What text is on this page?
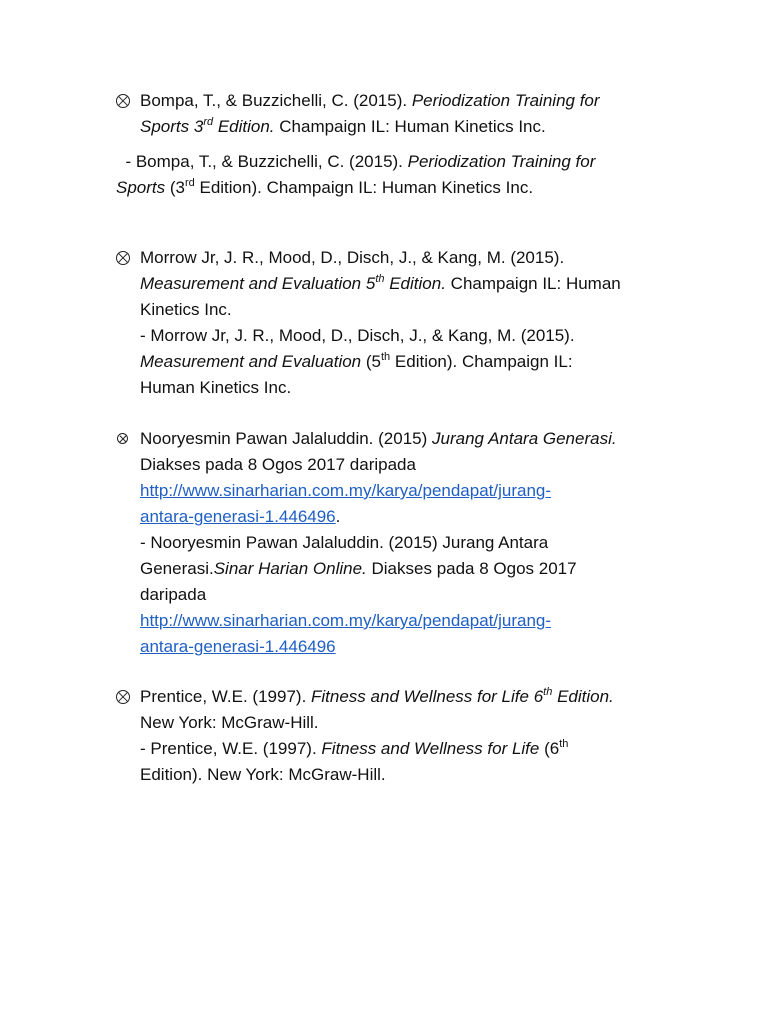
Bompa, T., & Buzzichelli, C. (2015). Periodization Training for
Sports 3rd Edition. Champaign IL: Human Kinetics Inc.
- Bompa, T., & Buzzichelli, C. (2015). Periodization Training for
Sports (3rd Edition). Champaign IL: Human Kinetics Inc.
Morrow Jr, J. R., Mood, D., Disch, J., & Kang, M. (2015).
Measurement and Evaluation 5th Edition. Champaign IL: Human
Kinetics Inc.
- Morrow Jr, J. R., Mood, D., Disch, J., & Kang, M. (2015).
Measurement and Evaluation (5th Edition). Champaign IL:
Human Kinetics Inc.
Nooryesmin Pawan Jalaluddin. (2015) Jurang Antara Generasi.
Diakses pada 8 Ogos 2017 daripada
http://www.sinarharian.com.my/karya/pendapat/jurang-
antara-generasi-1.446496.
- Nooryesmin Pawan Jalaluddin. (2015) Jurang Antara
Generasi.Sinar Harian Online. Diakses pada 8 Ogos 2017
daripada
http://www.sinarharian.com.my/karya/pendapat/jurang-
antara-generasi-1.446496
Prentice, W.E. (1997). Fitness and Wellness for Life 6th Edition.
New York: McGraw-Hill.
- Prentice, W.E. (1997). Fitness and Wellness for Life (6th
Edition). New York: McGraw-Hill.
